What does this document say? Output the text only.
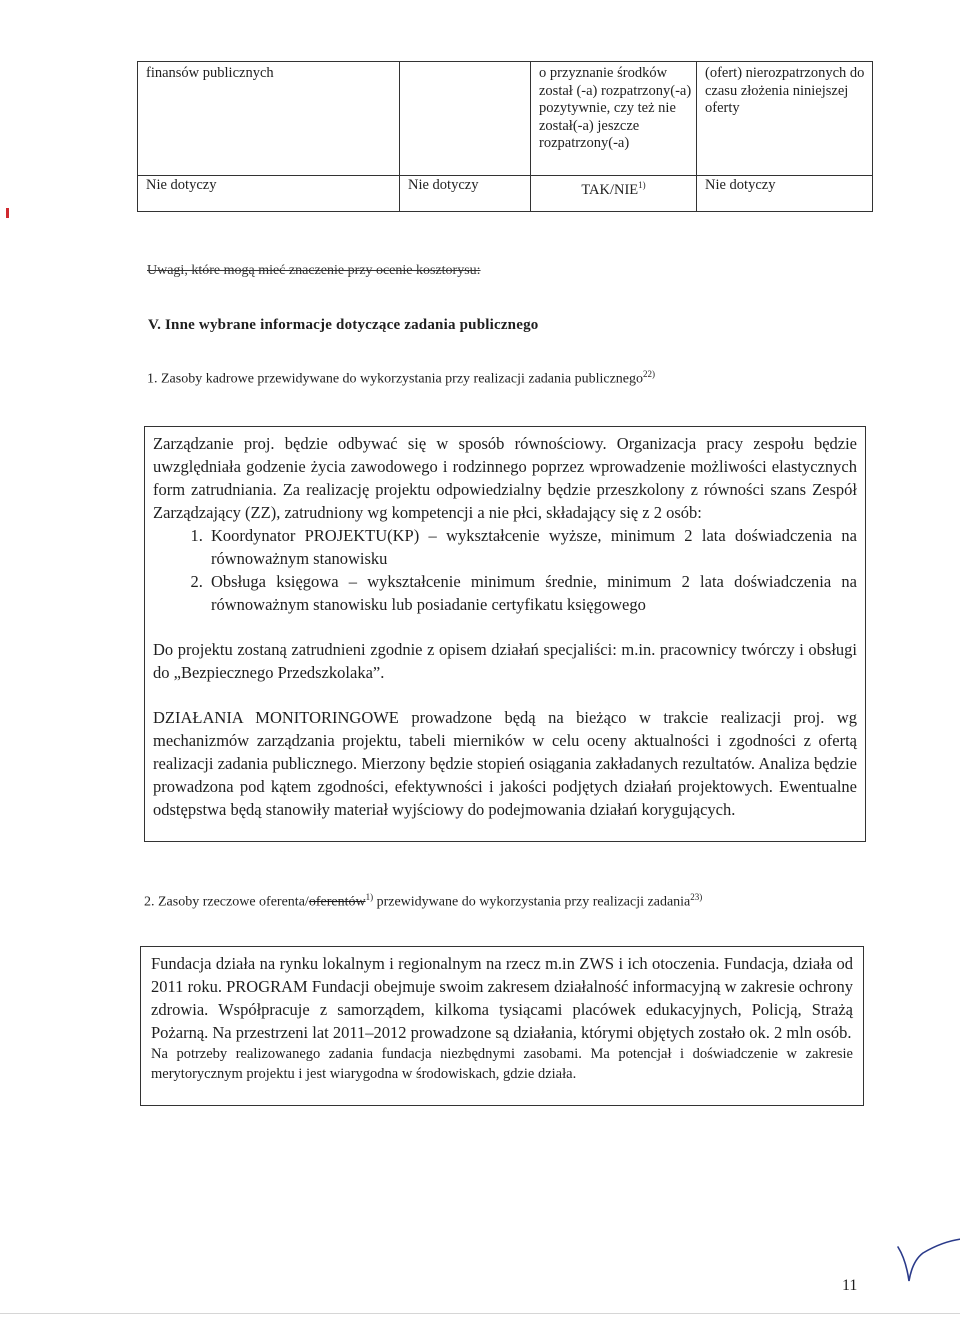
finansów publicznych		o przyznanie środków został (-a) rozpatrzony(-a) pozytywnie, czy też nie został(-a) jeszcze rozpatrzony(-a)	(ofert) nierozpatrzonych do czasu złożenia niniejszej oferty
Nie dotyczy	Nie dotyczy	TAK/NIE$^{1)}$	Nie dotyczy
Uwagi, które mogą mieć znaczenie przy ocenie kosztorysu:
V. Inne wybrane informacje dotyczące zadania publicznego
1. Zasoby kadrowe przewidywane do wykorzystania przy realizacji zadania publicznego$^{22)}$

Zarządzanie proj. będzie odbywać się w sposób równościowy. Organizacja pracy zespołu będzie uwzględniała godzenie życia zawodowego i rodzinnego poprzez wprowadzenie możliwości elastycznych form zatrudniania. Za realizację projektu odpowiedzialny będzie przeszkolony z równości szans Zespół Zarządzający (ZZ), zatrudniony wg kompetencji a nie płci, składający się z 2 osób:

1. Koordynator PROJEKTU(KP) – wykształcenie wyższe, minimum 2 lata doświadczenia na równoważnym stanowisku
2. Obsługa księgowa – wykształcenie minimum średnie, minimum 2 lata doświadczenia na równoważnym stanowisku lub posiadanie certyfikatu księgowego

Do projektu zostaną zatrudnieni zgodnie z opisem działań specjaliści: m.in. pracownicy twórczy i obsługi do „Bezpiecznego Przedszkolaka”.

DZIAŁANIA MONITORINGOWE prowadzone będą na bieżąco w trakcie realizacji proj. wg mechanizmów zarządzania projektu, tabeli mierników w celu oceny aktualności i zgodności z ofertą realizacji zadania publicznego. Mierzony będzie stopień osiągania zakładanych rezultatów. Analiza będzie prowadzona pod kątem zgodności, efektywności i jakości podjętych działań projektowych. Ewentualne odstępstwa będą stanowiły materiał wyjściowy do podejmowania działań korygujących.

2. Zasoby rzeczowe oferenta/oferentów$^{1)}$ przewidywane do wykorzystania przy realizacji zadania$^{23)}$

Fundacja działa na rynku lokalnym i regionalnym na rzecz m.in ZWS i ich otoczenia. Fundacja, działa od 2011 roku. PROGRAM Fundacji obejmuje swoim zakresem działalność informacyjną w zakresie ochrony zdrowia. Współpracuje z samorządem, kilkoma tysiącami placówek edukacyjnych, Policją, Strażą Pożarną. Na przestrzeni lat 2011–2012 prowadzone są działania, którymi objętych zostało ok. 2 mln osób.

Na potrzeby realizowanego zadania fundacja niezbędnymi zasobami. Ma potencjał i doświadczenie w zakresie merytorycznym projektu i jest wiarygodna w środowiskach, gdzie działa.

11
